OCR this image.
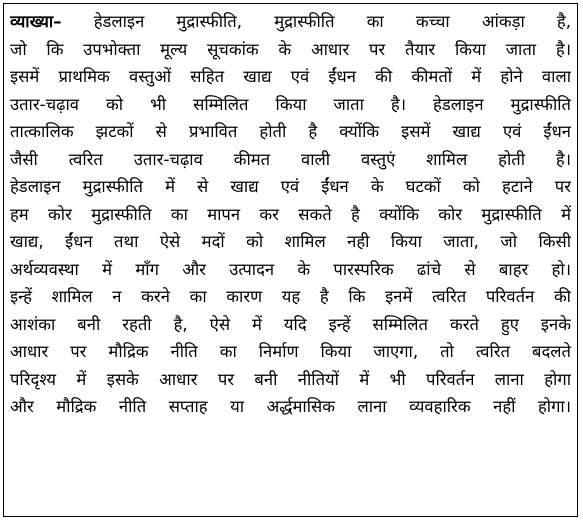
व्याख्या– हेडलाइन मुद्रास्फीति, मुद्रास्फीति का कच्चा आंकड़ा है,
जो कि उपभोक्ता मूल्य सूचकांक के आधार पर तैयार किया जाता है।
इसमें प्राथमिक वस्तुओं सहित खाद्य एवं ईंधन की कीमतों में होने वाला
उतार-चढ़ाव को भी सम्मिलित किया जाता है। हेडलाइन मुद्रास्फीति
तात्कालिक झटकों से प्रभावित होती है क्योंकि इसमें खाद्य एवं ईंधन
जैसी त्वरित उतार-चढ़ाव कीमत वाली वस्तुएं शामिल होती है।
हेडलाइन मुद्रास्फीति में से खाद्य एवं ईंधन के घटकों को हटाने पर
हम कोर मुद्रास्फीति का मापन कर सकते है क्योंकि कोर मुद्रास्फीति में
खाद्य, ईंधन तथा ऐसे मदों को शामिल नही किया जाता, जो किसी
अर्थव्यवस्था में माँग और उत्पादन के पारस्परिक ढांचे से बाहर हो।
इन्हें शामिल न करने का कारण यह है कि इनमें त्वरित परिवर्तन की
आशंका बनी रहती है, ऐसे में यदि इन्हें सम्मिलित करते हुए इनके
आधार पर मौद्रिक नीति का निर्माण किया जाएगा, तो त्वरित बदलते
परिदृश्य में इसके आधार पर बनी नीतियों में भी परिवर्तन लाना होगा
और मौद्रिक नीति सप्ताह या अर्द्धमासिक लाना व्यवहारिक नहीं होगा।
